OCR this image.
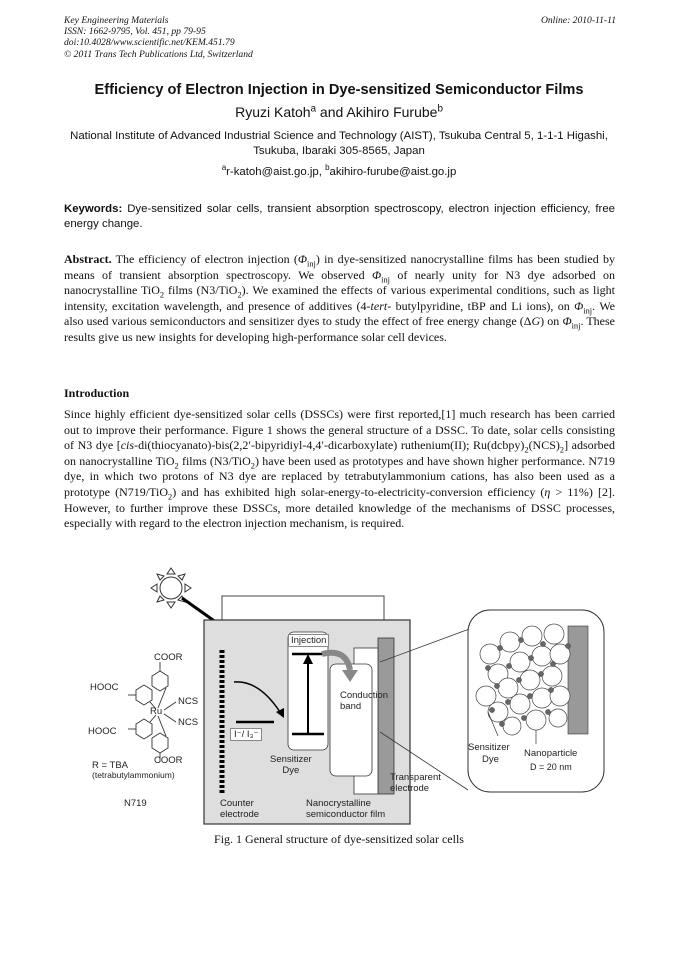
Key Engineering Materials
ISSN: 1662-9795, Vol. 451, pp 79-95
doi:10.4028/www.scientific.net/KEM.451.79
© 2011 Trans Tech Publications Ltd, Switzerland
Online: 2010-11-11
Efficiency of Electron Injection in Dye-sensitized Semiconductor Films
Ryuzi Katoh$^a$ and Akihiro Furube$^b$
National Institute of Advanced Industrial Science and Technology (AIST), Tsukuba Central 5, 1-1-1 Higashi, Tsukuba, Ibaraki 305-8565, Japan
$^a$r-katoh@aist.go.jp, $^b$akihiro-furube@aist.go.jp
Keywords: Dye-sensitized solar cells, transient absorption spectroscopy, electron injection efficiency, free energy change.
Abstract. The efficiency of electron injection $(\Phi_{inj})$ in dye-sensitized nanocrystalline films has been studied by means of transient absorption spectroscopy. We observed $\Phi_{inj}$ of nearly unity for N3 dye adsorbed on nanocrystalline TiO$_2$ films (N3/TiO$_2$). We examined the effects of various experimental conditions, such as light intensity, excitation wavelength, and presence of additives (4-tert- butylpyridine, tBP and Li ions), on $\Phi_{inj}$. We also used various semiconductors and sensitizer dyes to study the effect of free energy change (ΔG) on $\Phi_{inj}$. These results give us new insights for developing high-performance solar cell devices.
Introduction
Since highly efficient dye-sensitized solar cells (DSSCs) were first reported,[1] much research has been carried out to improve their performance. Figure 1 shows the general structure of a DSSC. To date, solar cells consisting of N3 dye [cis-di(thiocyanato)-bis(2,2′-bipyridiyl-4,4′-dicarboxylate) ruthenium(II); $Ru(dcbpy)_2(NCS)_2$] adsorbed on nanocrystalline TiO$_2$ films (N3/TiO$_2$) have been used as prototypes and have shown higher performance. N719 dye, in which two protons of N3 dye are replaced by tetrabutylammonium cations, has also been used as a prototype (N719/TiO$_2$) and has exhibited high solar-energy-to-electricity-conversion efficiency (η > 11%) [2]. However, to further improve these DSSCs, more detailed knowledge of the mechanisms of DSSC processes, especially with regard to the electron injection mechanism, is required.
COOR
HOOC
NCS
Ru
NCS
HOOC
COOR
R = TBA
(tetrabutylammonium)
N719
Injection
Conduction
band
I⁻/ I₃⁻
Sensitizer
Dye
Counter
electrode
Nanocrystalline
semiconductor film
Transparent
electrode
Sensitizer
Dye
Nanoparticle
D = 20 nm
Fig. 1 General structure of dye-sensitized solar cells
